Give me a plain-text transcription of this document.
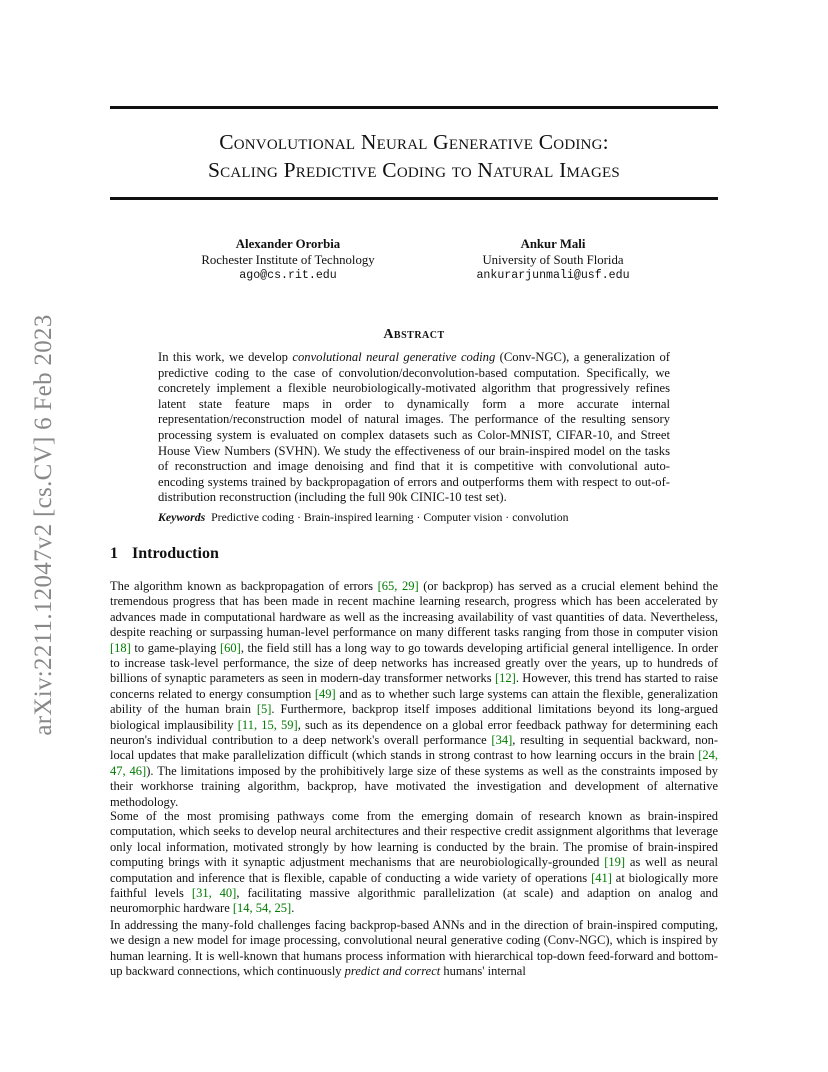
arXiv:2211.12047v2 [cs.CV] 6 Feb 2023
Convolutional Neural Generative Coding:
Scaling Predictive Coding to Natural Images
Alexander Ororbia
Rochester Institute of Technology
ago@cs.rit.edu
Ankur Mali
University of South Florida
ankurarjunmali@usf.edu
Abstract

In this work, we develop convolutional neural generative coding (Conv-NGC), a generalization of predictive coding to the case of convolution/deconvolution-based computation. Specifically, we concretely implement a flexible neurobiologically-motivated algorithm that progressively refines latent state feature maps in order to dynamically form a more accurate internal representation/reconstruction model of natural images. The performance of the resulting sensory processing system is evaluated on complex datasets such as Color-MNIST, CIFAR-10, and Street House View Numbers (SVHN). We study the effectiveness of our brain-inspired model on the tasks of reconstruction and image denoising and find that it is competitive with convolutional auto-encoding systems trained by backpropagation of errors and outperforms them with respect to out-of-distribution reconstruction (including the full 90k CINIC-10 test set).

Keywords Predictive coding · Brain-inspired learning · Computer vision · convolution

1 Introduction

The algorithm known as backpropagation of errors [65, 29] (or backprop) has served as a crucial element behind the tremendous progress that has been made in recent machine learning research, progress which has been accelerated by advances made in computational hardware as well as the increasing availability of vast quantities of data. Nevertheless, despite reaching or surpassing human-level performance on many different tasks ranging from those in computer vision [18] to game-playing [60], the field still has a long way to go towards developing artificial general intelligence. In order to increase task-level performance, the size of deep networks has increased greatly over the years, up to hundreds of billions of synaptic parameters as seen in modern-day transformer networks [12]. However, this trend has started to raise concerns related to energy consumption [49] and as to whether such large systems can attain the flexible, generalization ability of the human brain [5]. Furthermore, backprop itself imposes additional limitations beyond its long-argued biological implausibility [11, 15, 59], such as its dependence on a global error feedback pathway for determining each neuron's individual contribution to a deep network's overall performance [34], resulting in sequential backward, non-local updates that make parallelization difficult (which stands in strong contrast to how learning occurs in the brain [24, 47, 46]). The limitations imposed by the prohibitively large size of these systems as well as the constraints imposed by their workhorse training algorithm, backprop, have motivated the investigation and development of alternative methodology.

Some of the most promising pathways come from the emerging domain of research known as brain-inspired computation, which seeks to develop neural architectures and their respective credit assignment algorithms that leverage only local information, motivated strongly by how learning is conducted by the brain. The promise of brain-inspired computing brings with it synaptic adjustment mechanisms that are neurobiologically-grounded [19] as well as neural computation and inference that is flexible, capable of conducting a wide variety of operations [41] at biologically more faithful levels [31, 40], facilitating massive algorithmic parallelization (at scale) and adaption on analog and neuromorphic hardware [14, 54, 25].

In addressing the many-fold challenges facing backprop-based ANNs and in the direction of brain-inspired computing, we design a new model for image processing, convolutional neural generative coding (Conv-NGC), which is inspired by human learning. It is well-known that humans process information with hierarchical top-down feed-forward and bottom-up backward connections, which continuously predict and correct humans' internal
